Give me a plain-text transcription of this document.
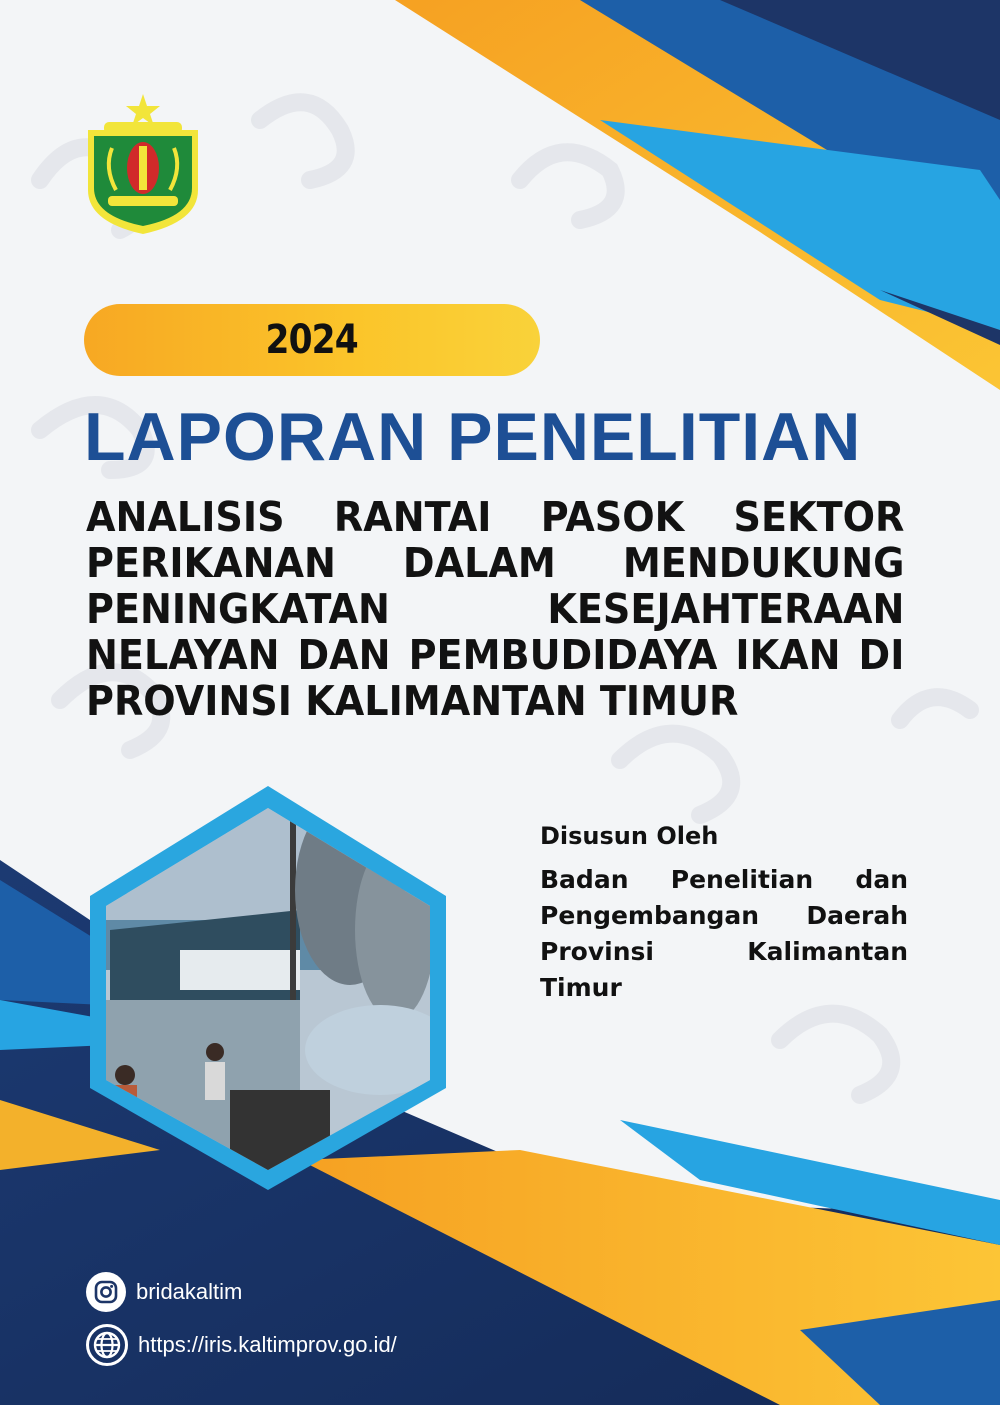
2024
LAPORAN PENELITIAN
ANALISIS RANTAI PASOK SEKTOR PERIKANAN DALAM MENDUKUNG PENINGKATAN KESEJAHTERAAN NELAYAN DAN PEMBUDIDAYA IKAN DI PROVINSI KALIMANTAN TIMUR
Disusun Oleh
Badan Penelitian dan
Pengembangan Daerah
Provinsi Kalimantan Timur
bridakaltim
https://iris.kaltimprov.go.id/
